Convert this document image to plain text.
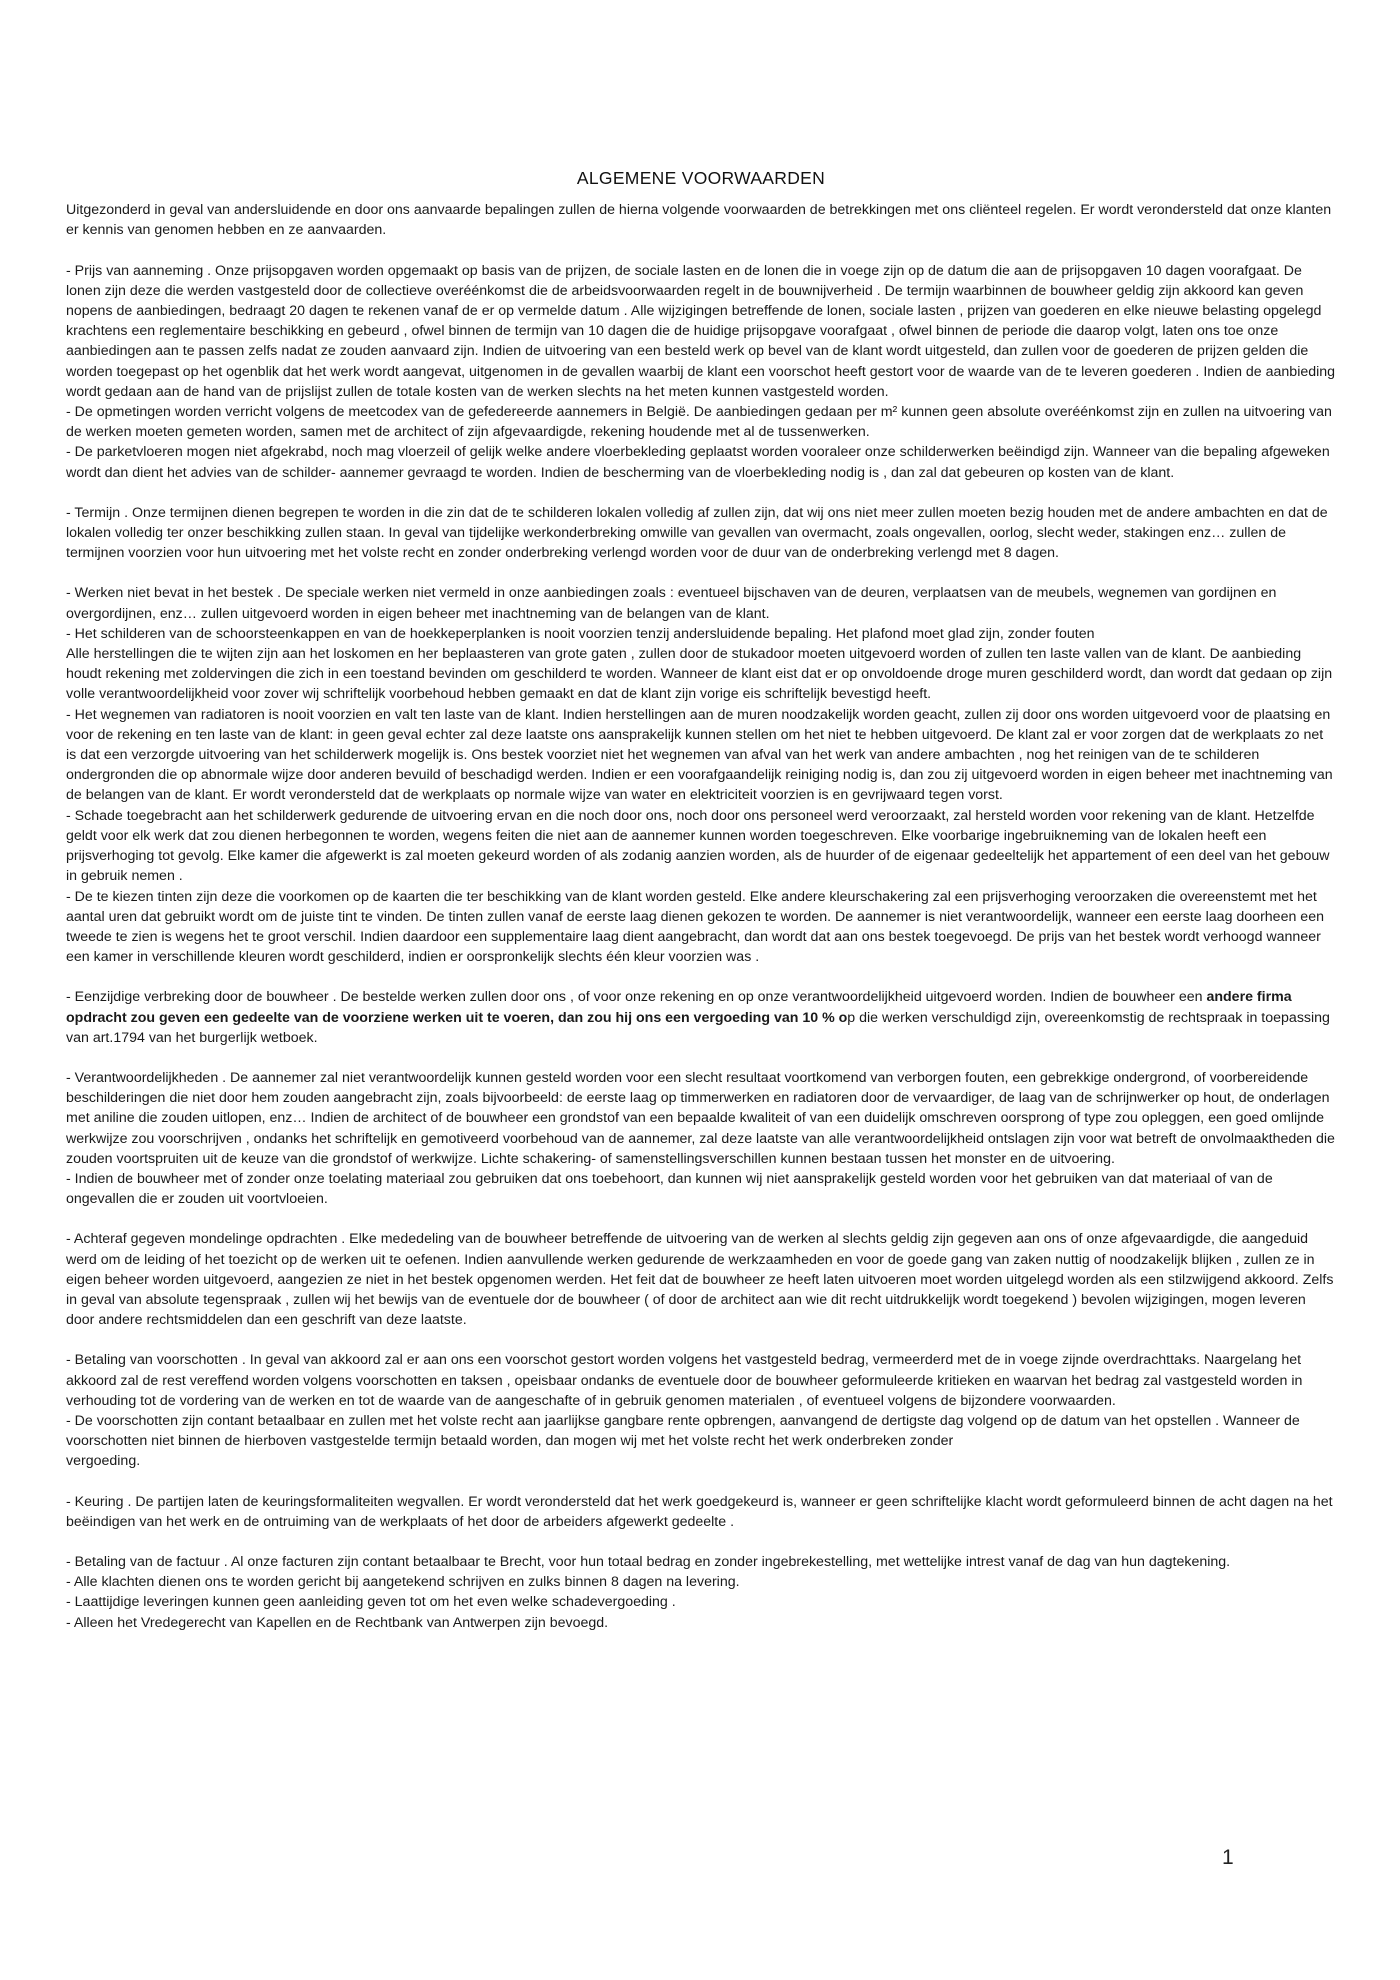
ALGEMENE VOORWAARDEN

Uitgezonderd in geval van andersluidende en door ons aanvaarde bepalingen zullen de hierna volgende voorwaarden de betrekkingen met ons cliënteel regelen. Er wordt verondersteld dat onze klanten er kennis van genomen hebben en ze aanvaarden.

- Prijs van aanneming . Onze prijsopgaven worden opgemaakt op basis van de prijzen, de sociale lasten en de lonen die in voege zijn op de datum die aan de prijsopgaven 10 dagen voorafgaat. De lonen zijn deze die werden vastgesteld door de collectieve overéénkomst die de arbeidsvoorwaarden regelt in de bouwnijverheid . De termijn waarbinnen de bouwheer geldig zijn akkoord kan geven nopens de aanbiedingen, bedraagt 20 dagen te rekenen vanaf de er op vermelde datum . Alle wijzigingen betreffende de lonen, sociale lasten , prijzen van goederen en elke nieuwe belasting opgelegd krachtens een reglementaire beschikking en gebeurd , ofwel binnen de termijn van 10 dagen die de huidige prijsopgave voorafgaat , ofwel binnen de periode die daarop volgt, laten ons toe onze aanbiedingen aan te passen zelfs nadat ze zouden aanvaard zijn. Indien de uitvoering van een besteld werk op bevel van de klant wordt uitgesteld, dan zullen voor de goederen de prijzen gelden die worden toegepast op het ogenblik dat het werk wordt aangevat, uitgenomen in de gevallen waarbij de klant een voorschot heeft gestort voor de waarde van de te leveren goederen . Indien de aanbieding wordt gedaan aan de hand van de prijslijst zullen de totale kosten van de werken slechts na het meten kunnen vastgesteld worden.

- De opmetingen worden verricht volgens de meetcodex van de gefedereerde aannemers in België. De aanbiedingen gedaan per m² kunnen geen absolute overéénkomst zijn en zullen na uitvoering van de werken moeten gemeten worden, samen met de architect of zijn afgevaardigde, rekening houdende met al de tussenwerken.

- De parketvloeren mogen niet afgekrabd, noch mag vloerzeil of gelijk welke andere vloerbekleding geplaatst worden vooraleer onze schilderwerken beëindigd zijn. Wanneer van die bepaling afgeweken wordt dan dient het advies van de schilder- aannemer gevraagd te worden. Indien de bescherming van de vloerbekleding nodig is , dan zal dat gebeuren op kosten van de klant.

- Termijn . Onze termijnen dienen begrepen te worden in die zin dat de te schilderen lokalen volledig af zullen zijn, dat wij ons niet meer zullen moeten bezig houden met de andere ambachten en dat de lokalen volledig ter onzer beschikking zullen staan. In geval van tijdelijke werkonderbreking omwille van gevallen van overmacht, zoals ongevallen, oorlog, slecht weder, stakingen enz… zullen de termijnen voorzien voor hun uitvoering met het volste recht en zonder onderbreking verlengd worden voor de duur van de onderbreking verlengd met 8 dagen.

- Werken niet bevat in het bestek . De speciale werken niet vermeld in onze aanbiedingen zoals : eventueel bijschaven van de deuren, verplaatsen van de meubels, wegnemen van gordijnen en overgordijnen, enz… zullen uitgevoerd worden in eigen beheer met inachtneming van de belangen van de klant.

- Het schilderen van de schoorsteenkappen en van de hoekkeperplanken is nooit voorzien tenzij andersluidende bepaling. Het plafond moet glad zijn, zonder fouten

Alle herstellingen die te wijten zijn aan het loskomen en her beplaasteren van grote gaten , zullen door de stukadoor moeten uitgevoerd worden of zullen ten laste vallen van de klant. De aanbieding houdt rekening met zoldervingen die zich in een toestand bevinden om geschilderd te worden. Wanneer de klant eist dat er op onvoldoende droge muren geschilderd wordt, dan wordt dat gedaan op zijn volle verantwoordelijkheid voor zover wij schriftelijk voorbehoud hebben gemaakt en dat de klant zijn vorige eis schriftelijk bevestigd heeft.

- Het wegnemen van radiatoren is nooit voorzien en valt ten laste van de klant. Indien herstellingen aan de muren noodzakelijk worden geacht, zullen zij door ons worden uitgevoerd voor de plaatsing en voor de rekening en ten laste van de klant: in geen geval echter zal deze laatste ons aansprakelijk kunnen stellen om het niet te hebben uitgevoerd. De klant zal er voor zorgen dat de werkplaats zo net is dat een verzorgde uitvoering van het schilderwerk mogelijk is. Ons bestek voorziet niet het wegnemen van afval van het werk van andere ambachten , nog het reinigen van de te schilderen ondergronden die op abnormale wijze door anderen bevuild of beschadigd werden. Indien er een voorafgaandelijk reiniging nodig is, dan zou zij uitgevoerd worden in eigen beheer met inachtneming van de belangen van de klant. Er wordt verondersteld dat de werkplaats op normale wijze van water en elektriciteit voorzien is en gevrijwaard tegen vorst.

- Schade toegebracht aan het schilderwerk gedurende de uitvoering ervan en die noch door ons, noch door ons personeel werd veroorzaakt, zal hersteld worden voor rekening van de klant. Hetzelfde geldt voor elk werk dat zou dienen herbegonnen te worden, wegens feiten die niet aan de aannemer kunnen worden toegeschreven. Elke voorbarige ingebruikneming van de lokalen heeft een prijsverhoging tot gevolg. Elke kamer die afgewerkt is zal moeten gekeurd worden of als zodanig aanzien worden, als de huurder of de eigenaar gedeeltelijk het appartement of een deel van het gebouw in gebruik nemen .

- De te kiezen tinten zijn deze die voorkomen op de kaarten die ter beschikking van de klant worden gesteld. Elke andere kleurschakering zal een prijsverhoging veroorzaken die overeenstemt met het aantal uren dat gebruikt wordt om de juiste tint te vinden. De tinten zullen vanaf de eerste laag dienen gekozen te worden. De aannemer is niet verantwoordelijk, wanneer een eerste laag doorheen een tweede te zien is wegens het te groot verschil. Indien daardoor een supplementaire laag dient aangebracht, dan wordt dat aan ons bestek toegevoegd. De prijs van het bestek wordt verhoogd wanneer een kamer in verschillende kleuren wordt geschilderd, indien er oorspronkelijk slechts één kleur voorzien was .

- Eenzijdige verbreking door de bouwheer . De bestelde werken zullen door ons , of voor onze rekening en op onze verantwoordelijkheid uitgevoerd worden. Indien de bouwheer een andere firma opdracht zou geven een gedeelte van de voorziene werken uit te voeren, dan zou hij ons een vergoeding van 10 % op die werken verschuldigd zijn, overeenkomstig de rechtspraak in toepassing van art.1794 van het burgerlijk wetboek.

- Verantwoordelijkheden . De aannemer zal niet verantwoordelijk kunnen gesteld worden voor een slecht resultaat voortkomend van verborgen fouten, een gebrekkige ondergrond, of voorbereidende beschilderingen die niet door hem zouden aangebracht zijn, zoals bijvoorbeeld: de eerste laag op timmerwerken en radiatoren door de vervaardiger, de laag van de schrijnwerker op hout, de onderlagen met aniline die zouden uitlopen, enz… Indien de architect of de bouwheer een grondstof van een bepaalde kwaliteit of van een duidelijk omschreven oorsprong of type zou opleggen, een goed omlijnde werkwijze zou voorschrijven , ondanks het schriftelijk en gemotiveerd voorbehoud van de aannemer, zal deze laatste van alle verantwoordelijkheid ontslagen zijn voor wat betreft de onvolmaaktheden die zouden voortspruiten uit de keuze van die grondstof of werkwijze. Lichte schakering- of samenstellingsverschillen kunnen bestaan tussen het monster en de uitvoering.

- Indien de bouwheer met of zonder onze toelating materiaal zou gebruiken dat ons toebehoort, dan kunnen wij niet aansprakelijk gesteld worden voor het gebruiken van dat materiaal of van de ongevallen die er zouden uit voortvloeien.

- Achteraf gegeven mondelinge opdrachten . Elke mededeling van de bouwheer betreffende de uitvoering van de werken al slechts geldig zijn gegeven aan ons of onze afgevaardigde, die aangeduid werd om de leiding of het toezicht op de werken uit te oefenen. Indien aanvullende werken gedurende de werkzaamheden en voor de goede gang van zaken nuttig of noodzakelijk blijken , zullen ze in eigen beheer worden uitgevoerd, aangezien ze niet in het bestek opgenomen werden. Het feit dat de bouwheer ze heeft laten uitvoeren moet worden uitgelegd worden als een stilzwijgend akkoord. Zelfs in geval van absolute tegenspraak , zullen wij het bewijs van de eventuele dor de bouwheer ( of door de architect aan wie dit recht uitdrukkelijk wordt toegekend ) bevolen wijzigingen, mogen leveren door andere rechtsmiddelen dan een geschrift van deze laatste.

- Betaling van voorschotten . In geval van akkoord zal er aan ons een voorschot gestort worden volgens het vastgesteld bedrag, vermeerderd met de in voege zijnde overdrachttaks. Naargelang het akkoord zal de rest vereffend worden volgens voorschotten en taksen , opeisbaar ondanks de eventuele door de bouwheer geformuleerde kritieken en waarvan het bedrag zal vastgesteld worden in verhouding tot de vordering van de werken en tot de waarde van de aangeschafte of in gebruik genomen materialen , of eventueel volgens de bijzondere voorwaarden.

- De voorschotten zijn contant betaalbaar en zullen met het volste recht aan jaarlijkse gangbare rente opbrengen, aanvangend de dertigste dag volgend op de datum van het opstellen . Wanneer de voorschotten niet binnen de hierboven vastgestelde termijn betaald worden, dan mogen wij met het volste recht het werk onderbreken zonder

vergoeding.

- Keuring . De partijen laten de keuringsformaliteiten wegvallen. Er wordt verondersteld dat het werk goedgekeurd is, wanneer er geen schriftelijke klacht wordt geformuleerd binnen de acht dagen na het beëindigen van het werk en de ontruiming van de werkplaats of het door de arbeiders afgewerkt gedeelte .

- Betaling van de factuur . Al onze facturen zijn contant betaalbaar te Brecht, voor hun totaal bedrag en zonder ingebrekestelling, met wettelijke intrest vanaf de dag van hun dagtekening.

- Alle klachten dienen ons te worden gericht bij aangetekend schrijven en zulks binnen 8 dagen na levering.

- Laattijdige leveringen kunnen geen aanleiding geven tot om het even welke schadevergoeding .

- Alleen het Vredegerecht van Kapellen en de Rechtbank van Antwerpen zijn bevoegd.

1
